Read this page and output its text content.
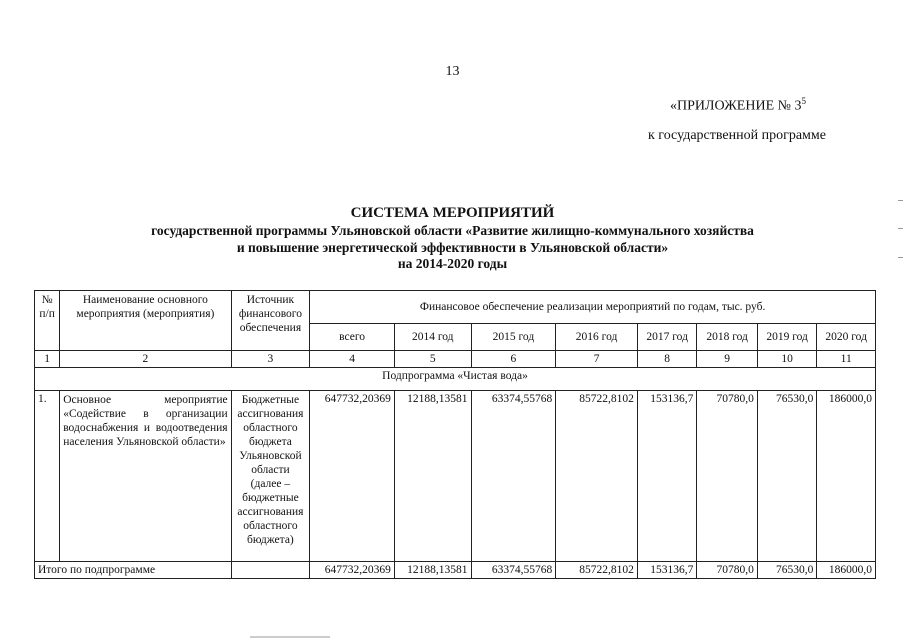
13
«ПРИЛОЖЕНИЕ № $3^5$
к государственной программе
СИСТЕМА МЕРОПРИЯТИЙ
государственной программы Ульяновской области «Развитие жилищно-коммунального хозяйства
и повышение энергетической эффективности в Ульяновской области»
на 2014-2020 годы
№ п/п	Наименование основного мероприятия (мероприятия)	Источник финансового обеспечения	Финансовое обеспечение реализации мероприятий по годам, тыс. руб.							
			всего	2014 год	2015 год	2016 год	2017 год	2018 год	2019 год	2020 год
1	2	3	4	5	6	7	8	9	10	11
Подпрограмма «Чистая вода»										
1.	Основное мероприятие «Содействие в организации водоснабжения и водоотведения населения Ульяновской области»	Бюджетные ассигнования областного бюджета Ульяновской области (далее – бюджетные ассигнования областного бюджета)	647732,20369	12188,13581	63374,55768	85722,8102	153136,7	70780,0	76530,0	186000,0
Итого по подпрограмме			647732,20369	12188,13581	63374,55768	85722,8102	153136,7	70780,0	76530,0	186000,0
